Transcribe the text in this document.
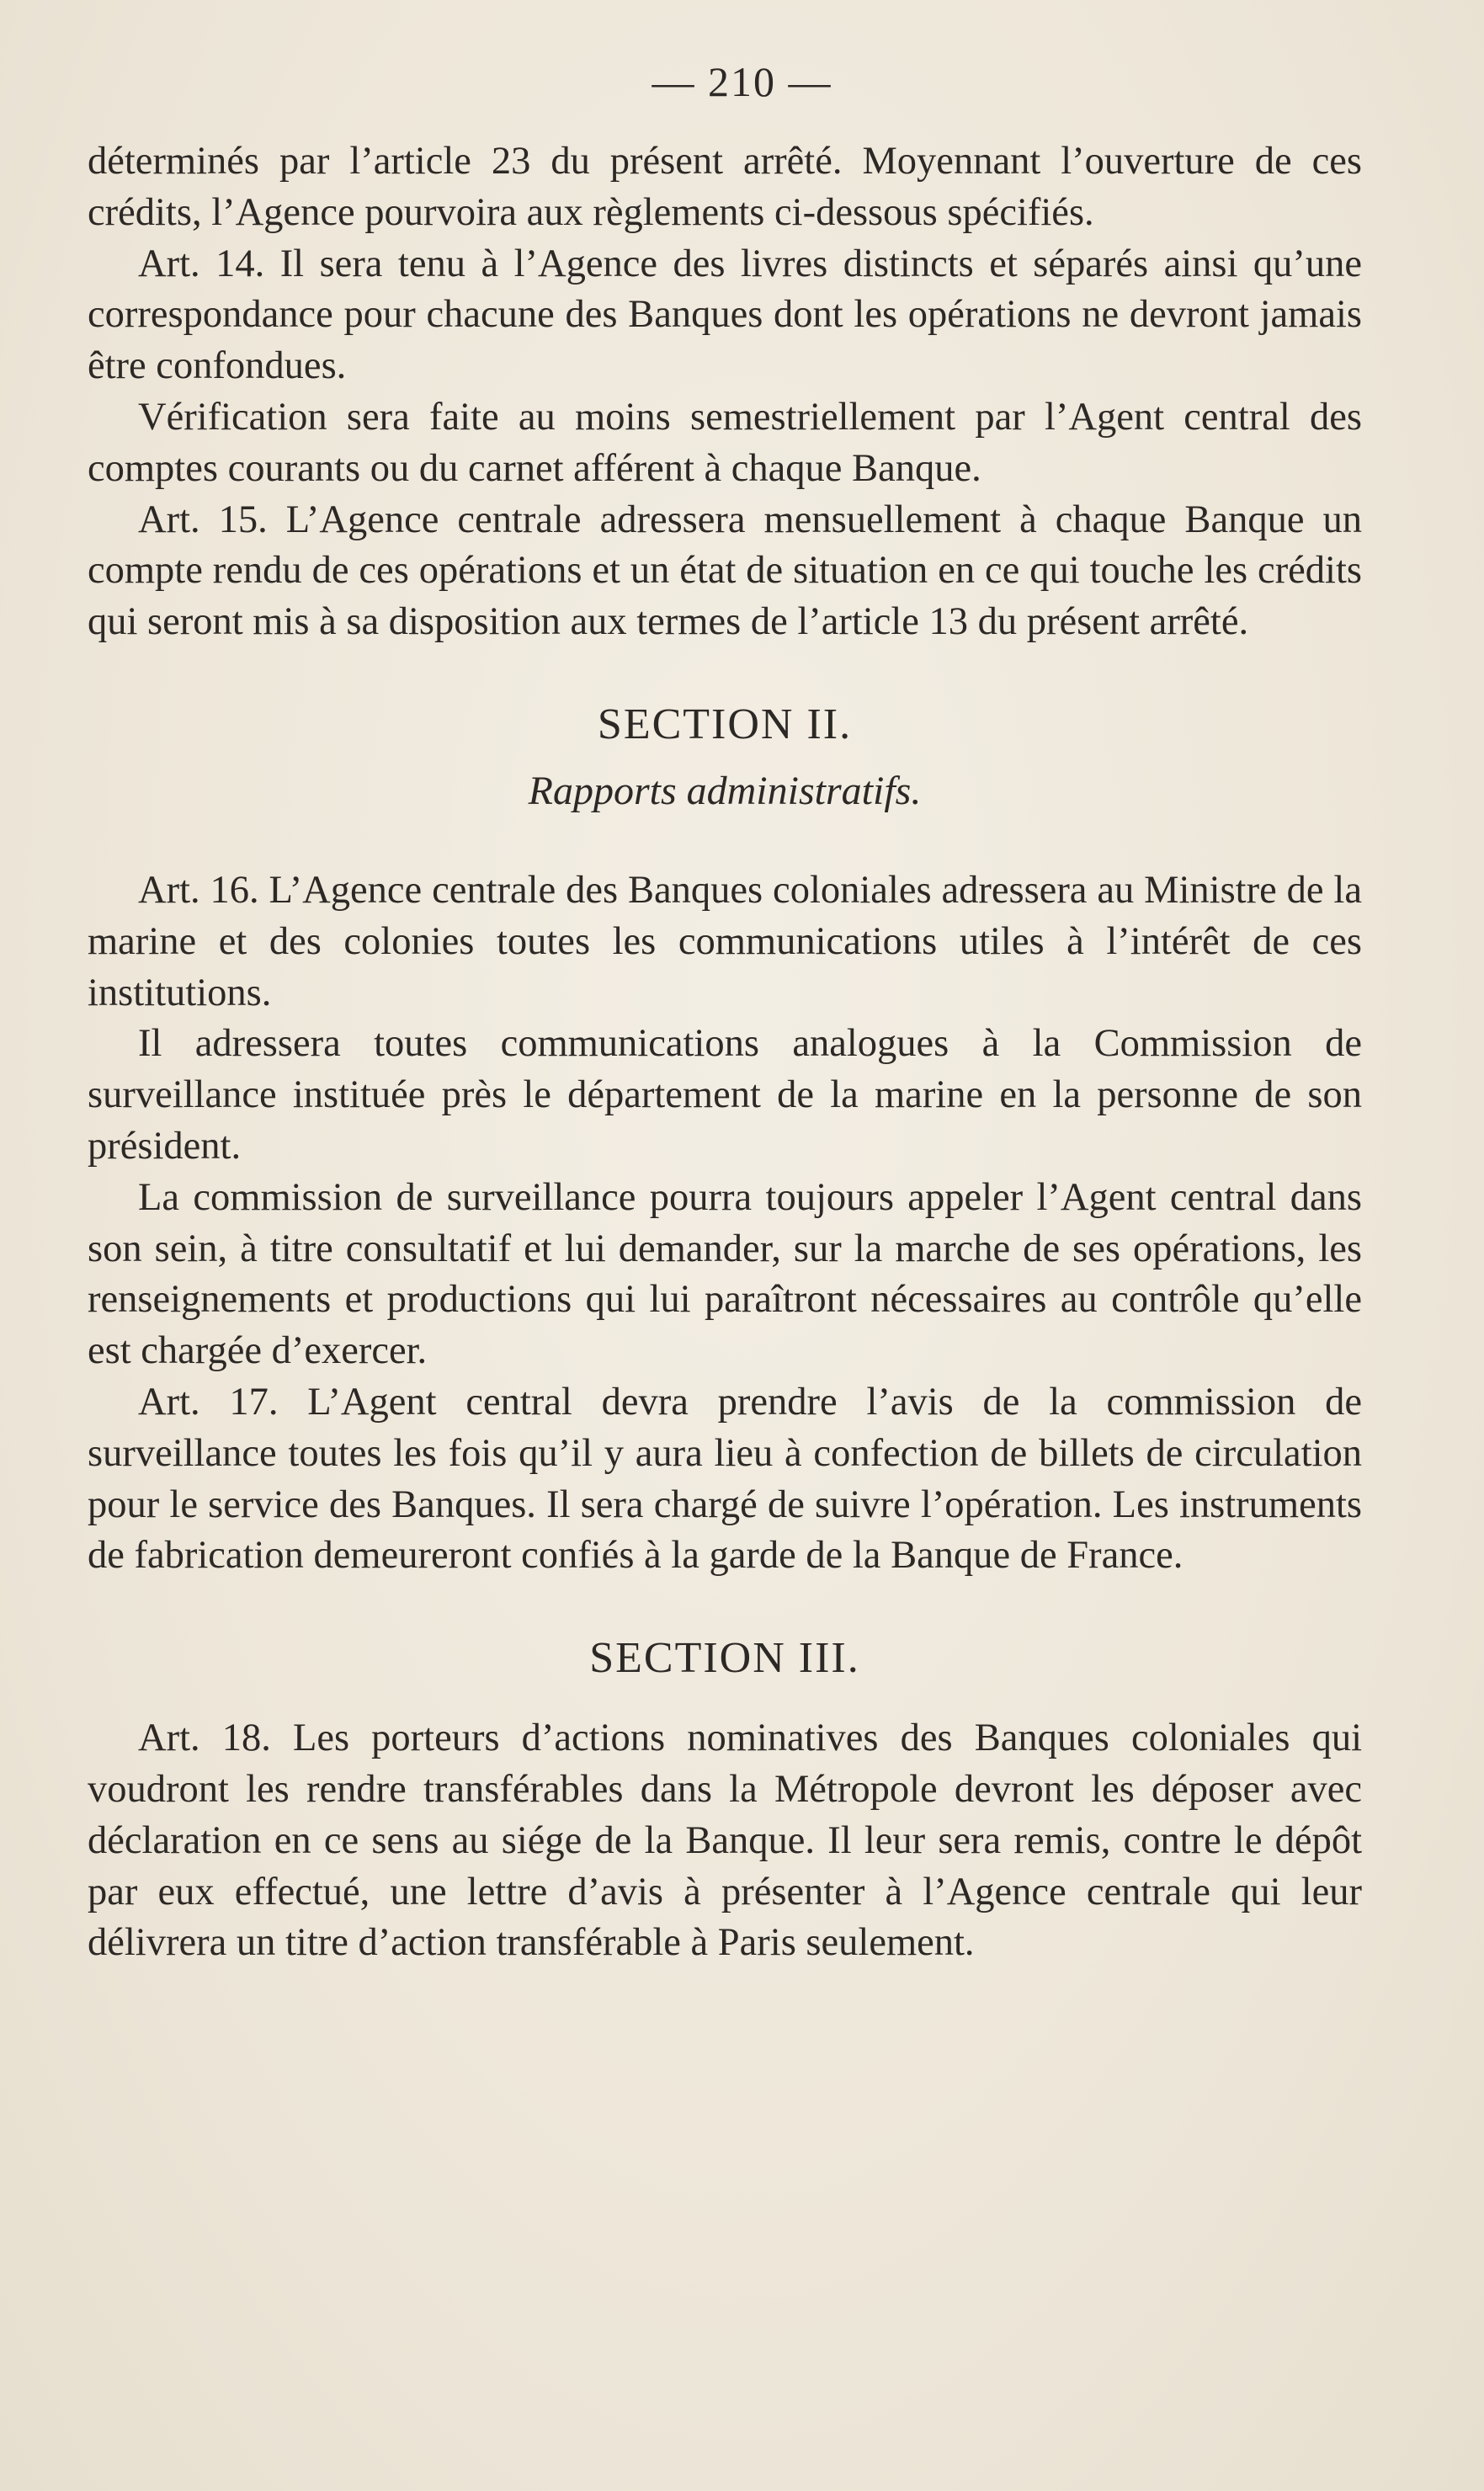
— 210 —

déterminés par l’article 23 du présent arrêté. Moyennant l’ouverture de ces crédits, l’Agence pourvoira aux règlements ci-dessous spécifiés.

Art. 14. Il sera tenu à l’Agence des livres distincts et séparés ainsi qu’une correspondance pour chacune des Banques dont les opérations ne devront jamais être confondues.

Vérification sera faite au moins semestriellement par l’Agent central des comptes courants ou du carnet afférent à chaque Banque.

Art. 15. L’Agence centrale adressera mensuellement à chaque Banque un compte rendu de ces opérations et un état de situation en ce qui touche les crédits qui seront mis à sa disposition aux termes de l’article 13 du présent arrêté.

SECTION II.
Rapports administratifs.

Art. 16. L’Agence centrale des Banques coloniales adressera au Ministre de la marine et des colonies toutes les communications utiles à l’intérêt de ces institutions.

Il adressera toutes communications analogues à la Commission de surveillance instituée près le département de la marine en la personne de son président.

La commission de surveillance pourra toujours appeler l’Agent central dans son sein, à titre consultatif et lui demander, sur la marche de ses opérations, les renseignements et productions qui lui paraîtront nécessaires au contrôle qu’elle est chargée d’exercer.

Art. 17. L’Agent central devra prendre l’avis de la commission de surveillance toutes les fois qu’il y aura lieu à confection de billets de circulation pour le service des Banques. Il sera chargé de suivre l’opération. Les instruments de fabrication demeureront confiés à la garde de la Banque de France.

SECTION III.

Art. 18. Les porteurs d’actions nominatives des Banques coloniales qui voudront les rendre transférables dans la Métropole devront les déposer avec déclaration en ce sens au siége de la Banque. Il leur sera remis, contre le dépôt par eux effectué, une lettre d’avis à présenter à l’Agence centrale qui leur délivrera un titre d’action transférable à Paris seulement.
